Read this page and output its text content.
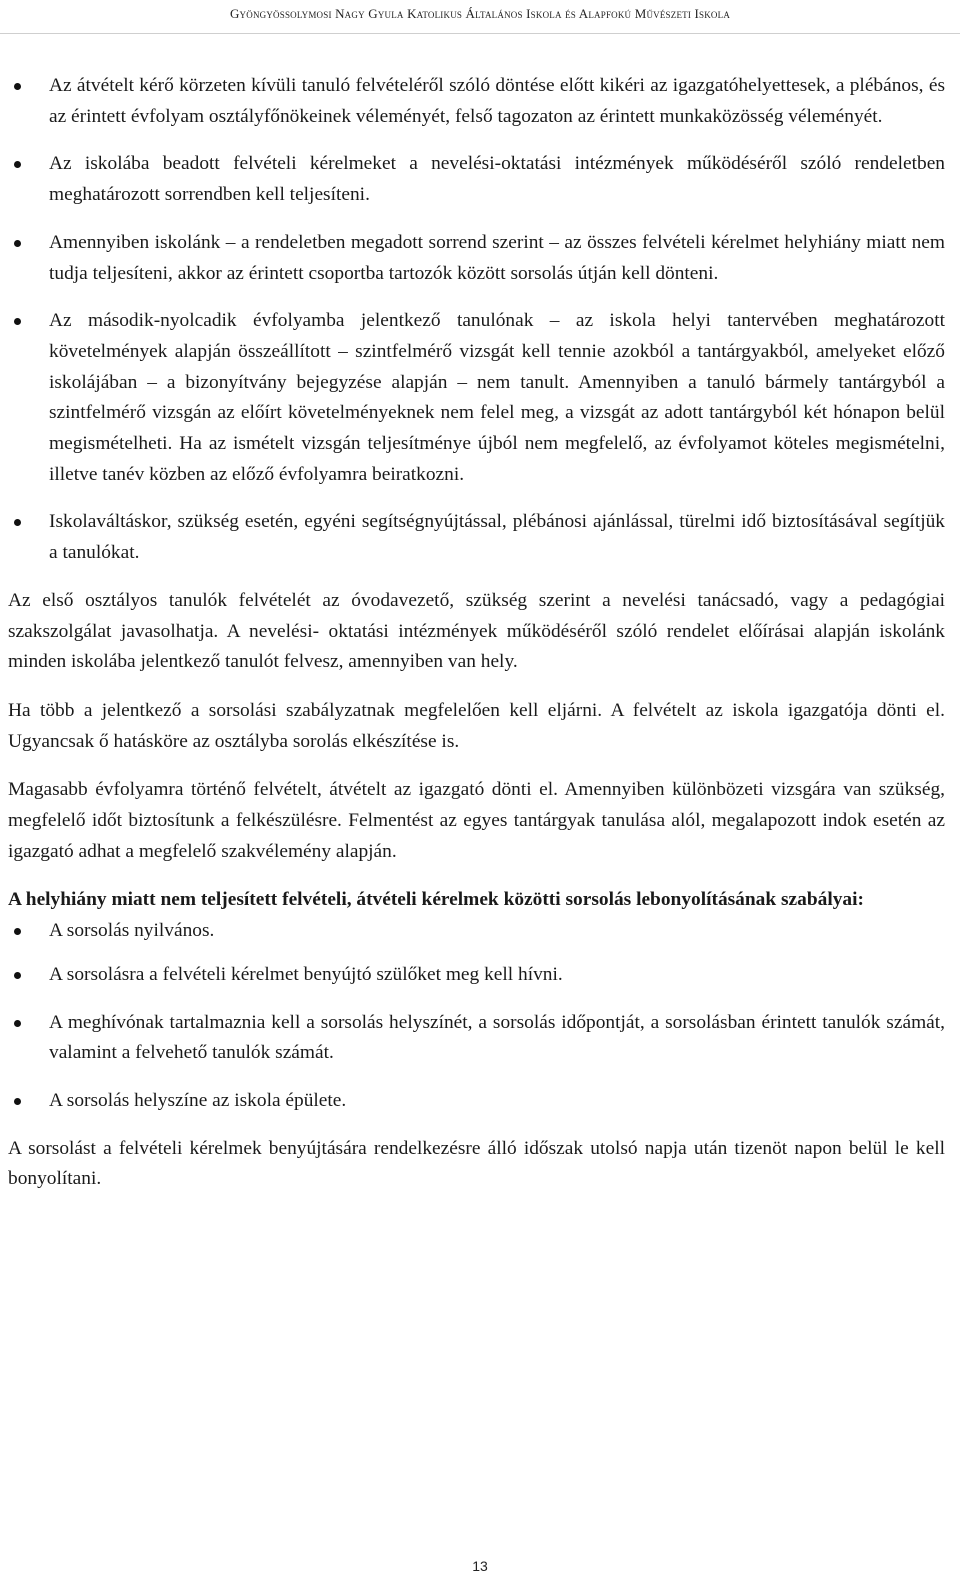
Gyöngyössolymosi Nagy Gyula Katolikus Általános Iskola és Alapfokú Művészeti Iskola
Az átvételt kérő körzeten kívüli tanuló felvételéről szóló döntése előtt kikéri az igazgatóhelyettesek, a plébános, és az érintett évfolyam osztályfőnökeinek véleményét, felső tagozaton az érintett munkaközösség véleményét.
Az iskolába beadott felvételi kérelmeket a nevelési-oktatási intézmények működéséről szóló rendeletben meghatározott sorrendben kell teljesíteni.
Amennyiben iskolánk – a rendeletben megadott sorrend szerint – az összes felvételi kérelmet helyhiány miatt nem tudja teljesíteni, akkor az érintett csoportba tartozók között sorsolás útján kell dönteni.
Az második-nyolcadik évfolyamba jelentkező tanulónak – az iskola helyi tantervében meghatározott követelmények alapján összeállított – szintfelmérő vizsgát kell tennie azokból a tantárgyakból, amelyeket előző iskolájában – a bizonyítvány bejegyzése alapján – nem tanult. Amennyiben a tanuló bármely tantárgyból a szintfelmérő vizsgán az előírt követelményeknek nem felel meg, a vizsgát az adott tantárgyból két hónapon belül megismételheti. Ha az ismételt vizsgán teljesítménye újból nem megfelelő, az évfolyamot köteles megismételni, illetve tanév közben az előző évfolyamra beiratkozni.
Iskolaváltáskor, szükség esetén, egyéni segítségnyújtással, plébánosi ajánlással, türelmi idő biztosításával segítjük a tanulókat.

Az első osztályos tanulók felvételét az óvodavezető, szükség szerint a nevelési tanácsadó, vagy a pedagógiai szakszolgálat javasolhatja. A nevelési- oktatási intézmények működéséről szóló rendelet előírásai alapján iskolánk minden iskolába jelentkező tanulót felvesz, amennyiben van hely.

Ha több a jelentkező a sorsolási szabályzatnak megfelelően kell eljárni. A felvételt az iskola igazgatója dönti el. Ugyancsak ő hatásköre az osztályba sorolás elkészítése is.

Magasabb évfolyamra történő felvételt, átvételt az igazgató dönti el. Amennyiben különbözeti vizsgára van szükség, megfelelő időt biztosítunk a felkészülésre. Felmentést az egyes tantárgyak tanulása alól, megalapozott indok esetén az igazgató adhat a megfelelő szakvélemény alapján.

A helyhiány miatt nem teljesített felvételi, átvételi kérelmek közötti sorsolás lebonyolításának szabályai:

A sorsolás nyilvános.
A sorsolásra a felvételi kérelmet benyújtó szülőket meg kell hívni.
A meghívónak tartalmaznia kell a sorsolás helyszínét, a sorsolás időpontját, a sorsolásban érintett tanulók számát, valamint a felvehető tanulók számát.
A sorsolás helyszíne az iskola épülete.

A sorsolást a felvételi kérelmek benyújtására rendelkezésre álló időszak utolsó napja után tizenöt napon belül le kell bonyolítani.

13
